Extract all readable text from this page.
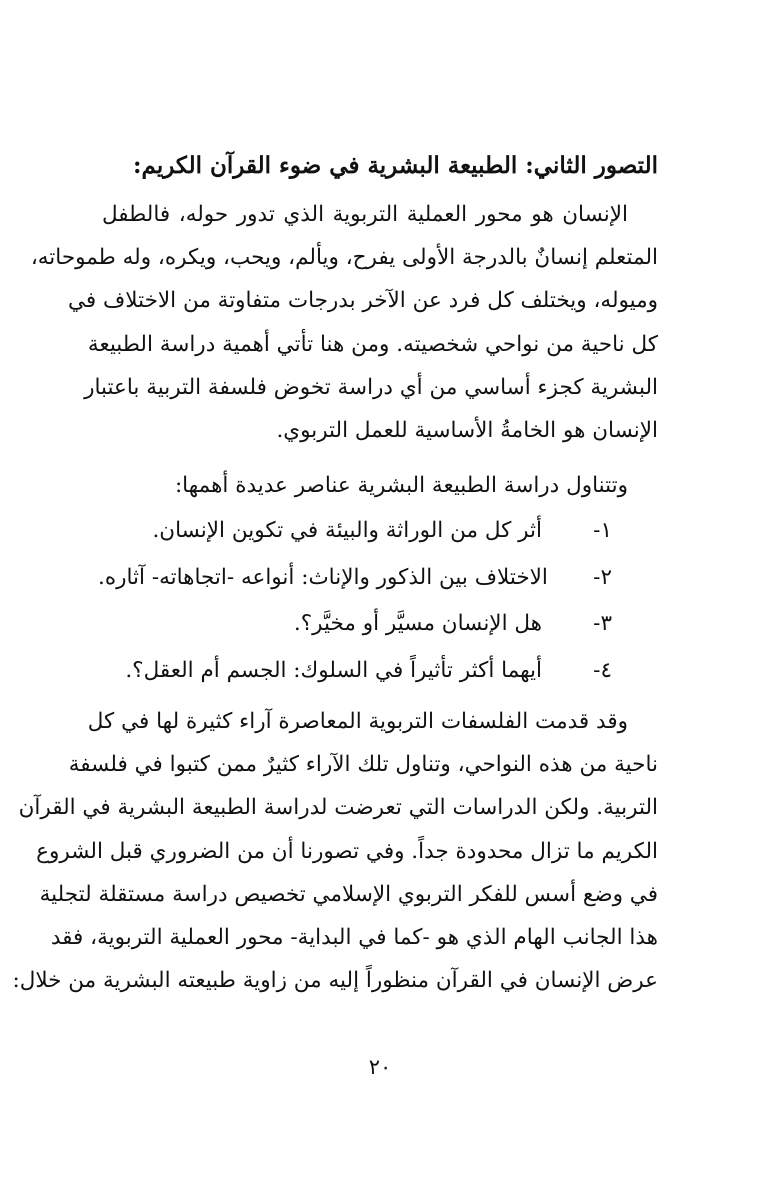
التصور الثاني: الطبيعة البشرية في ضوء القرآن الكريم:
الإنسان هو محور العملية التربوية الذي تدور حوله، فالطفل
المتعلم إنسانٌ بالدرجة الأولى يفرح، ويألم، ويحب، ويكره، وله طموحاته،
وميوله، ويختلف كل فرد عن الآخر بدرجات متفاوتة من الاختلاف في
كل ناحية من نواحي شخصيته. ومن هنا تأتي أهمية دراسة الطبيعة
البشرية كجزء أساسي من أي دراسة تخوض فلسفة التربية باعتبار
الإنسان هو الخامةُ الأساسية للعمل التربوي.
وتتناول دراسة الطبيعة البشرية عناصر عديدة أهمها:
١-
أثر كل من الوراثة والبيئة في تكوين الإنسان.
٢-
الاختلاف بين الذكور والإناث: أنواعه -اتجاهاته- آثاره.
٣-
هل الإنسان مسيَّر أو مخيَّر؟.
٤-
أيهما أكثر تأثيراً في السلوك: الجسم أم العقل؟.
وقد قدمت الفلسفات التربوية المعاصرة آراء كثيرة لها في كل
ناحية من هذه النواحي، وتناول تلك الآراء كثيرٌ ممن كتبوا في فلسفة
التربية. ولكن الدراسات التي تعرضت لدراسة الطبيعة البشرية في القرآن
الكريم ما تزال محدودة جداً. وفي تصورنا أن من الضروري قبل الشروع
في وضع أسس للفكر التربوي الإسلامي تخصيص دراسة مستقلة لتجلية
هذا الجانب الهام الذي هو -كما في البداية- محور العملية التربوية، فقد
عرض الإنسان في القرآن منظوراً إليه من زاوية طبيعته البشرية من خلال:
٢٠
